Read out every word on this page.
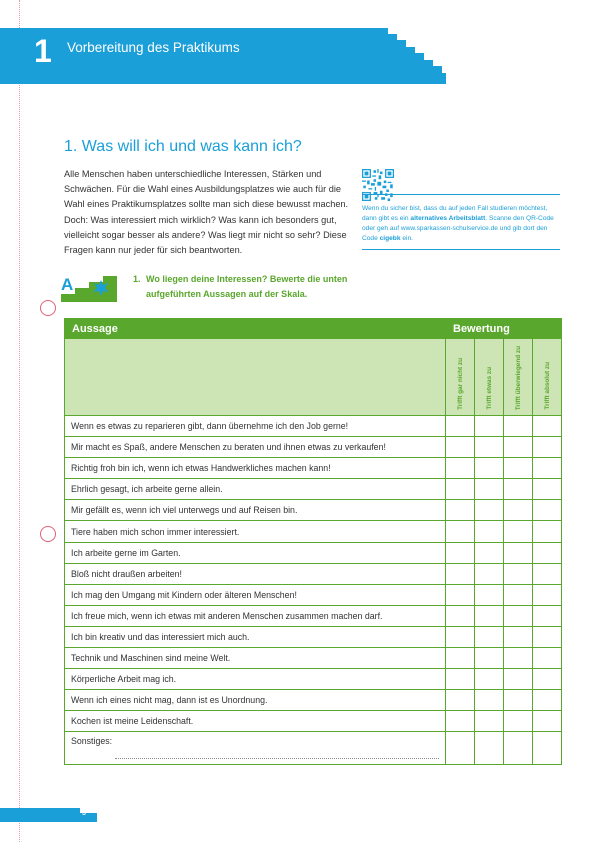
1 Vorbereitung des Praktikums
1. Was will ich und was kann ich?

Alle Menschen haben unterschiedliche Interessen, Stärken und Schwächen. Für die Wahl eines Ausbildungsplatzes wie auch für die Wahl eines Praktikumsplatzes sollte man sich diese bewusst machen. Doch: Was interessiert mich wirklich? Was kann ich besonders gut, vielleicht sogar besser als andere? Was liegt mir nicht so sehr? Diese Fragen kann nur jeder für sich beantworten.

Wenn du sicher bist, dass du auf jeden Fall studieren möchtest, dann gibt es ein alternatives Arbeitsblatt. Scanne den QR-Code oder geh auf www.sparkassen-schulservice.de und gib dort den Code cigebk ein.

A	1. Wo liegen deine Interessen? Bewerte die unten aufgeführten Aussagen auf der Skala.

Aussage	Bewertung			
	Trifft gar nicht zu	Trifft etwas zu	Trifft überwiegend zu	Trifft absolut zu
Wenn es etwas zu reparieren gibt, dann übernehme ich den Job gerne!				
Mir macht es Spaß, andere Menschen zu beraten und ihnen etwas zu verkaufen!				
Richtig froh bin ich, wenn ich etwas Handwerkliches machen kann!				
Ehrlich gesagt, ich arbeite gerne allein.				
Mir gefällt es, wenn ich viel unterwegs und auf Reisen bin.				
Tiere haben mich schon immer interessiert.				
Ich arbeite gerne im Garten.				
Bloß nicht draußen arbeiten!				
Ich mag den Umgang mit Kindern oder älteren Menschen!				
Ich freue mich, wenn ich etwas mit anderen Menschen zusammen machen darf.				
Ich bin kreativ und das interessiert mich auch.				
Technik und Maschinen sind meine Welt.				
Körperliche Arbeit mag ich.				
Wenn ich eines nicht mag, dann ist es Unordnung.				
Kochen ist meine Leidenschaft.				
Sonstiges:

5
